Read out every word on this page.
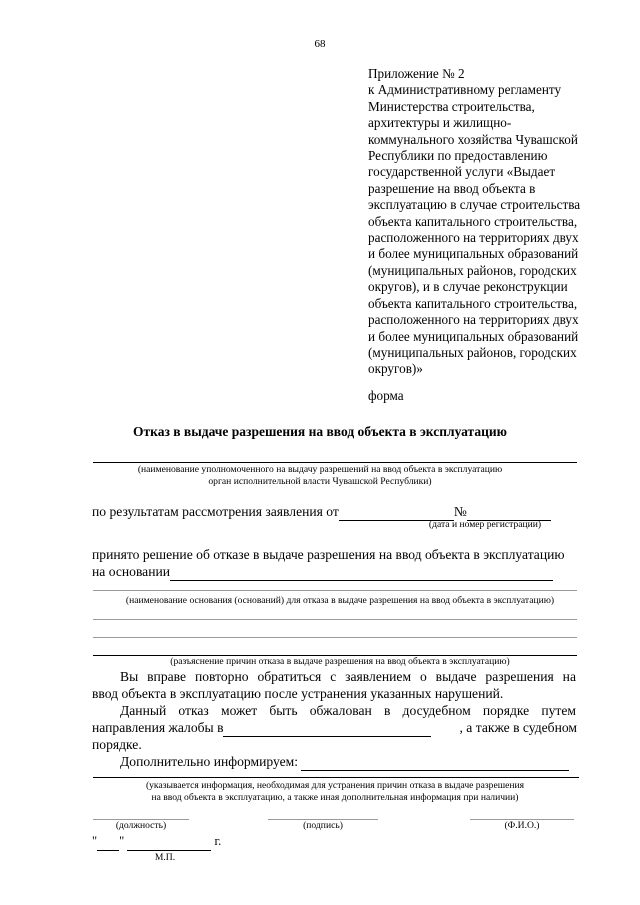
68
Приложение № 2
к Административному регламенту
Министерства строительства,
архитектуры и жилищно-
коммунального хозяйства Чувашской
Республики по предоставлению
государственной услуги «Выдает
разрешение на ввод объекта в
эксплуатацию в случае строительства
объекта капитального строительства,
расположенного на территориях двух
и более муниципальных образований
(муниципальных районов, городских
округов), и в случае реконструкции
объекта капитального строительства,
расположенного на территориях двух
и более муниципальных образований
(муниципальных районов, городских
округов)»
форма
Отказ в выдаче разрешения на ввод объекта в эксплуатацию
(наименование уполномоченного на выдачу разрешений на ввод объекта в эксплуатацию
орган исполнительной власти Чувашской Республики)
по результатам рассмотрения заявления от	№
(дата и номер регистрации)
принято решение об отказе в выдаче разрешения на ввод объекта в эксплуатацию
на основании
(наименование основания (оснований) для отказа в выдаче разрешения на ввод объекта в эксплуатацию)
(разъяснение причин отказа в выдаче разрешения на ввод объекта в эксплуатацию)
Вы вправе повторно обратиться с заявлением о выдаче разрешения на
ввод объекта в эксплуатацию после устранения указанных нарушений.
Данный отказ может быть обжалован в досудебном порядке путем
направления жалобы в	, а также в судебном
порядке.
Дополнительно информируем:
(указывается информация, необходимая для устранения причин отказа в выдаче разрешения
на ввод объекта в эксплуатацию, а также иная дополнительная информация при наличии)
(должность)	(подпись)	(Ф.И.О.)
" "	г.
М.П.
